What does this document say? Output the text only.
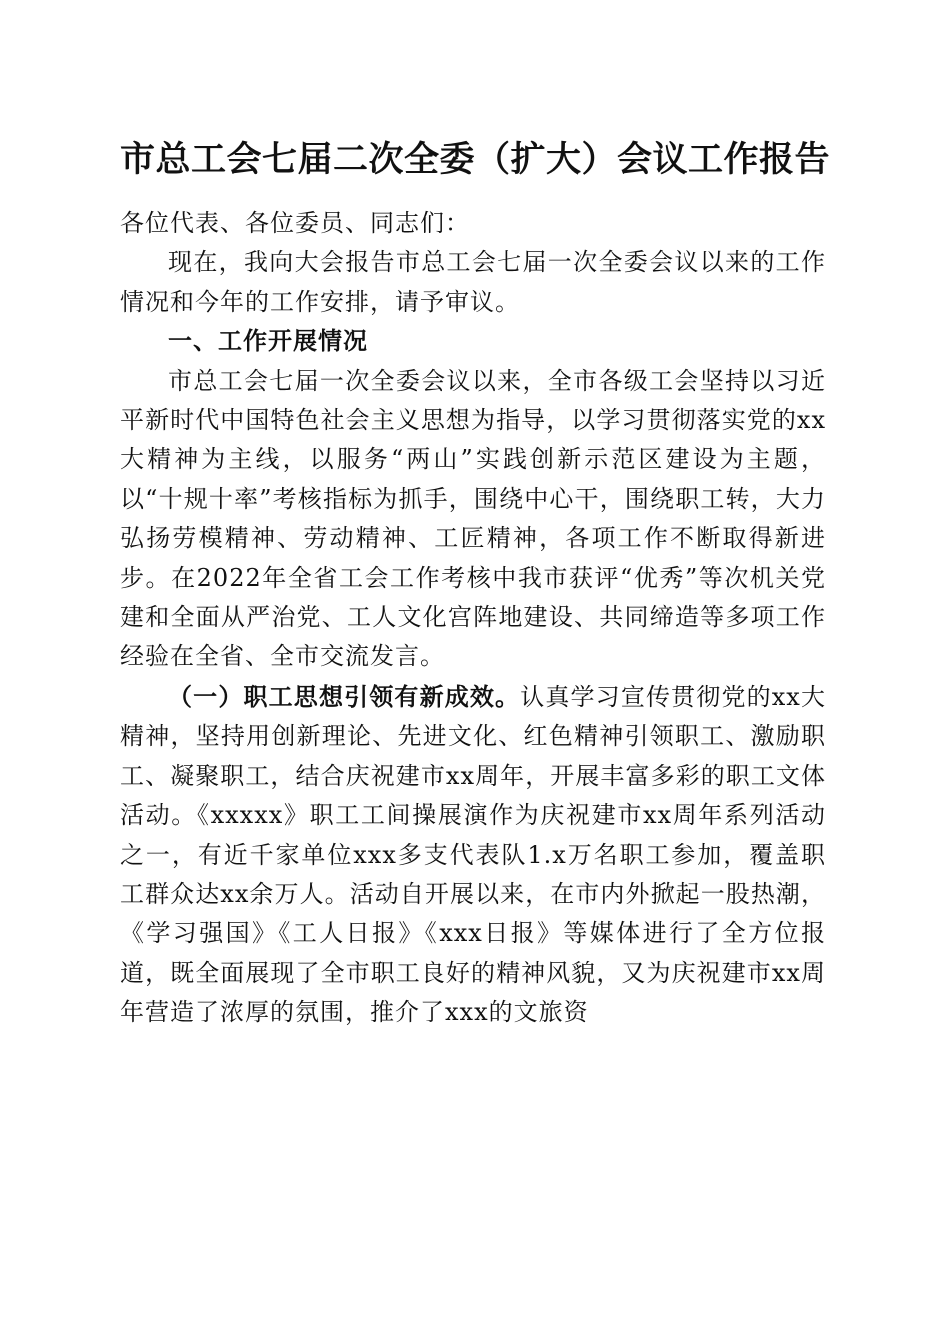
市总工会七届二次全委（扩大）会议工作报告

各位代表、各位委员、同志们：

现在，我向大会报告市总工会七届一次全委会议以来的工作情况和今年的工作安排，请予审议。

一、工作开展情况

市总工会七届一次全委会议以来，全市各级工会坚持以习近平新时代中国特色社会主义思想为指导，以学习贯彻落实党的xx大精神为主线，以服务“两山”实践创新示范区建设为主题，以“十规十率”考核指标为抓手，围绕中心干，围绕职工转，大力弘扬劳模精神、劳动精神、工匠精神，各项工作不断取得新进步。在2022年全省工会工作考核中我市获评“优秀”等次机关党建和全面从严治党、工人文化宫阵地建设、共同缔造等多项工作经验在全省、全市交流发言。

（一）职工思想引领有新成效。认真学习宣传贯彻党的xx大精神，坚持用创新理论、先进文化、红色精神引领职工、激励职工、凝聚职工，结合庆祝建市xx周年，开展丰富多彩的职工文体活动。《xxxxx》职工工间操展演作为庆祝建市xx周年系列活动之一，有近千家单位xxx多支代表队1.x万名职工参加，覆盖职工群众达xx余万人。活动自开展以来，在市内外掀起一股热潮，《学习强国》《工人日报》《xxx日报》等媒体进行了全方位报道，既全面展现了全市职工良好的精神风貌，又为庆祝建市xx周年营造了浓厚的氛围，推介了xxx的文旅资
